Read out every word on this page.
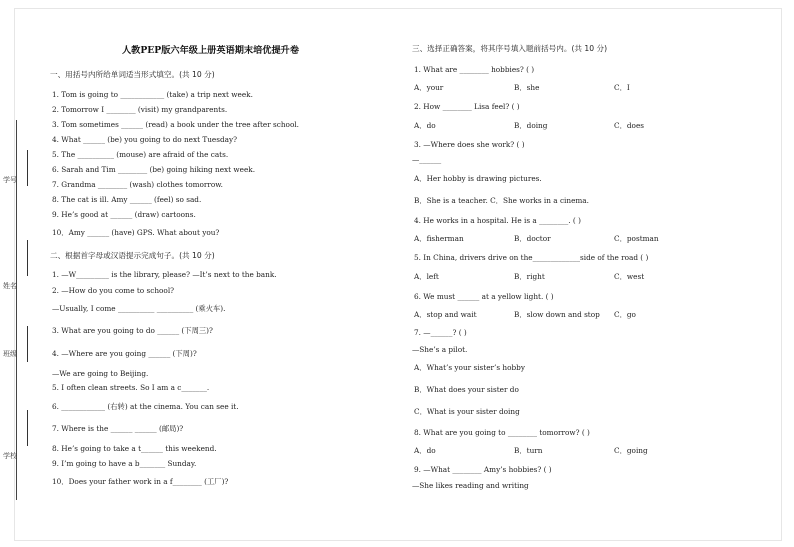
学号
姓名
班级
学校
人教PEP版六年级上册英语期末培优提升卷
一、用括号内所给单词适当形式填空。(共 10 分)
1. Tom is going to ____________ (take) a trip next week.
2. Tomorrow I ________ (visit) my grandparents.
3. Tom sometimes ______ (read) a book under the tree after school.
4. What ______ (be) you going to do next Tuesday?
5. The __________ (mouse) are afraid of the cats.
6. Sarah and Tim ________ (be) going hiking next week.
7. Grandma ________ (wash) clothes tomorrow.
8. The cat is ill. Amy ______ (feel) so sad.
9. He’s good at ______ (draw) cartoons.
10．Amy ______ (have) GPS. What about you?
二、根据首字母或汉语提示完成句子。(共 10 分)
1. —W_________ is the library, please? —It’s next to the bank.
2. —How do you come to school?
—Usually, I come __________ __________ (乘火车).
3. What are you going to do ______ (下周三)?
4. —Where are you going ______ (下周)?
—We are going to Beijing.
5. I often clean streets. So I am a c_______.
6. ____________ (右转) at the cinema. You can see it.
7. Where is the ______ ______ (邮局)?
8. He’s going to take a t______ this weekend.
9. I’m going to have a b_______ Sunday.
10．Does your father work in a f________ (工厂)?
三、选择正确答案，将其序号填入题前括号内。(共 10 分)
1. What are ________ hobbies? ( )
A．your	B．she	C．I
2. How ________ Lisa feel? ( )
A．do	B．doing	C．does
3. —Where does she work? ( )
—______
A．Her hobby is drawing pictures.
B．She is a teacher. C．She works in a cinema.
4. He works in a hospital. He is a ________. ( )
A．fisherman	B．doctor	C．postman
5. In China, drivers drive on the_____________side of the road ( )
A．left	B．right	C．west
6. We must ______ at a yellow light. ( )
A．stop and wait	B．slow down and stop C．go
7. —______? ( )
—She’s a pilot.
A．What’s your sister’s hobby
B．What does your sister do
C．What is your sister doing
8. What are you going to ________ tomorrow? ( )
A．do	B．turn	C．going
9. —What ________ Amy’s hobbies? ( )
—She likes reading and writing
